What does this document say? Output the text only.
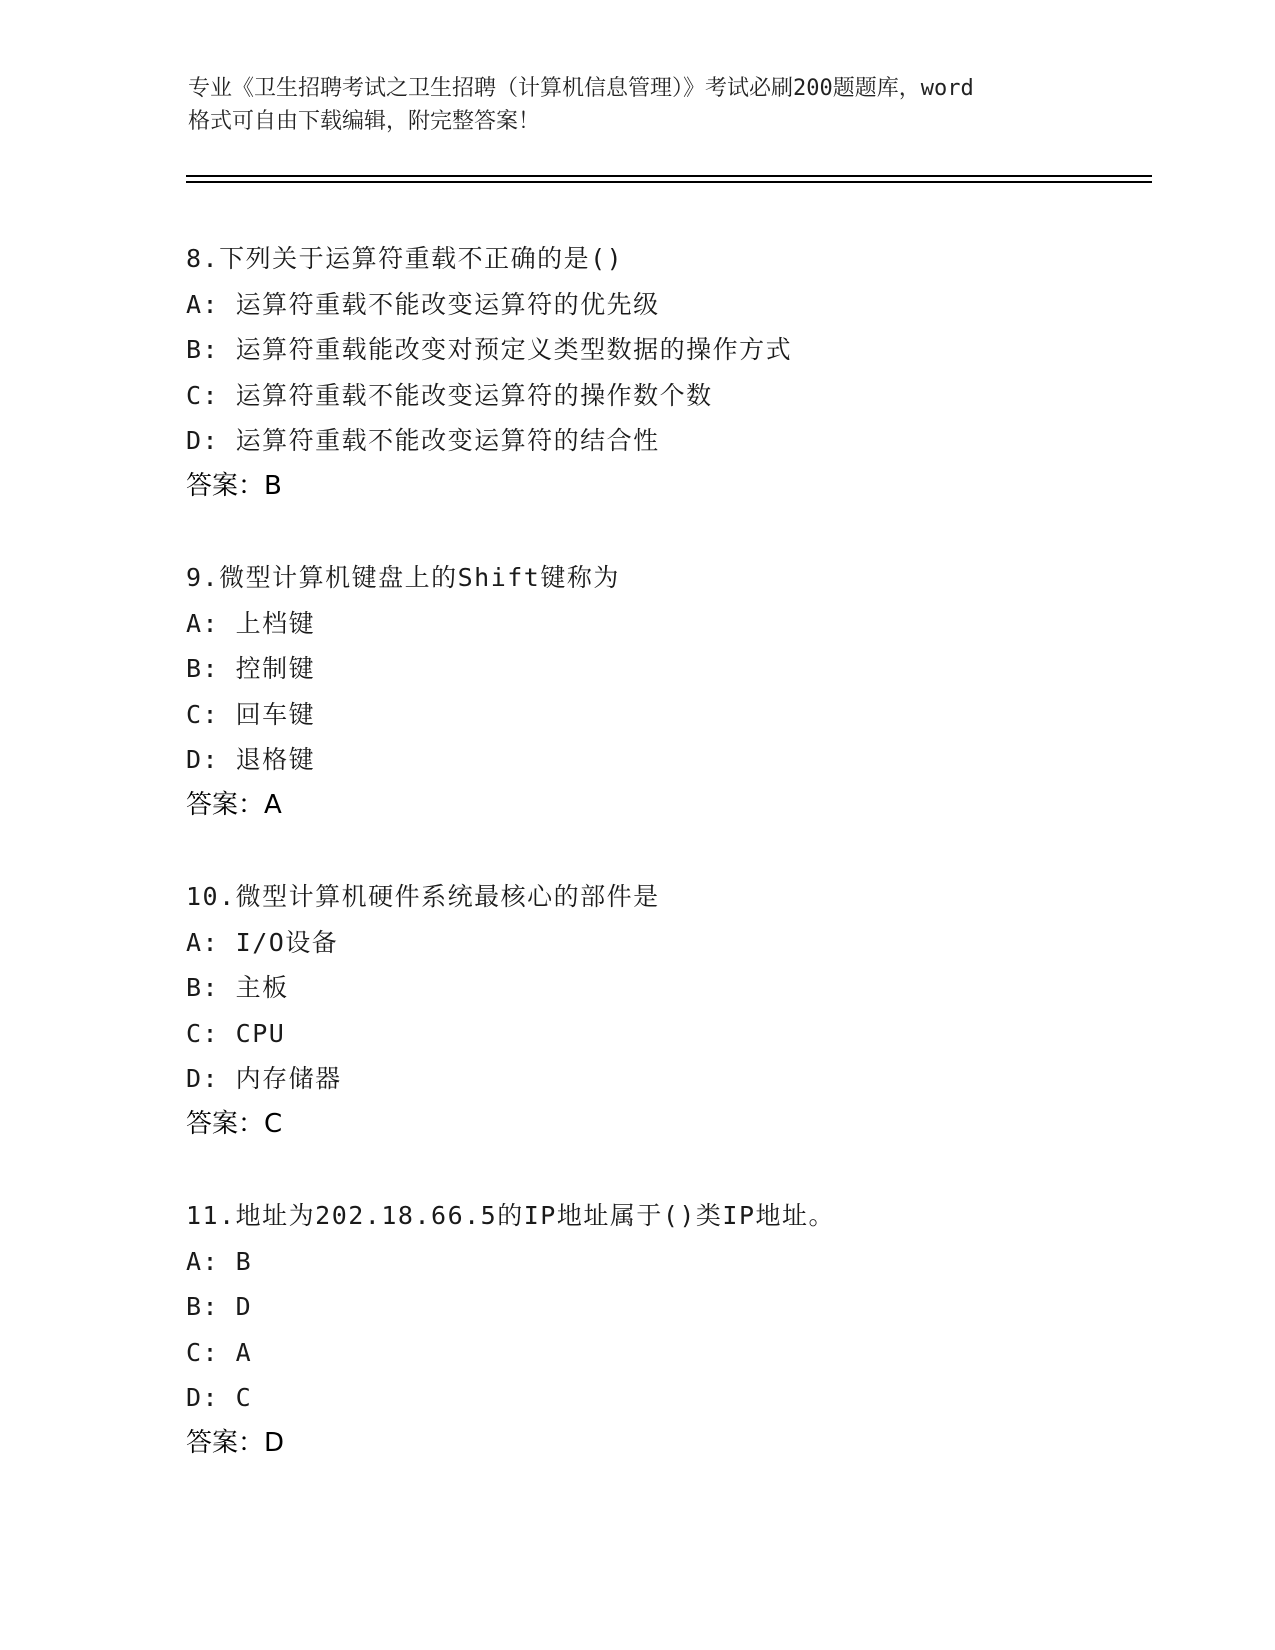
专业《卫生招聘考试之卫生招聘（计算机信息管理）》考试必刷200题题库，word
格式可自由下载编辑，附完整答案！
8.下列关于运算符重载不正确的是()
A: 运算符重载不能改变运算符的优先级
B: 运算符重载能改变对预定义类型数据的操作方式
C: 运算符重载不能改变运算符的操作数个数
D: 运算符重载不能改变运算符的结合性
答案：B
9.微型计算机键盘上的Shift键称为
A: 上档键
B: 控制键
C: 回车键
D: 退格键
答案：A
10.微型计算机硬件系统最核心的部件是
A: I/O设备
B: 主板
C: CPU
D: 内存储器
答案：C
11.地址为202.18.66.5的IP地址属于()类IP地址。
A: B
B: D
C: A
D: C
答案：D
